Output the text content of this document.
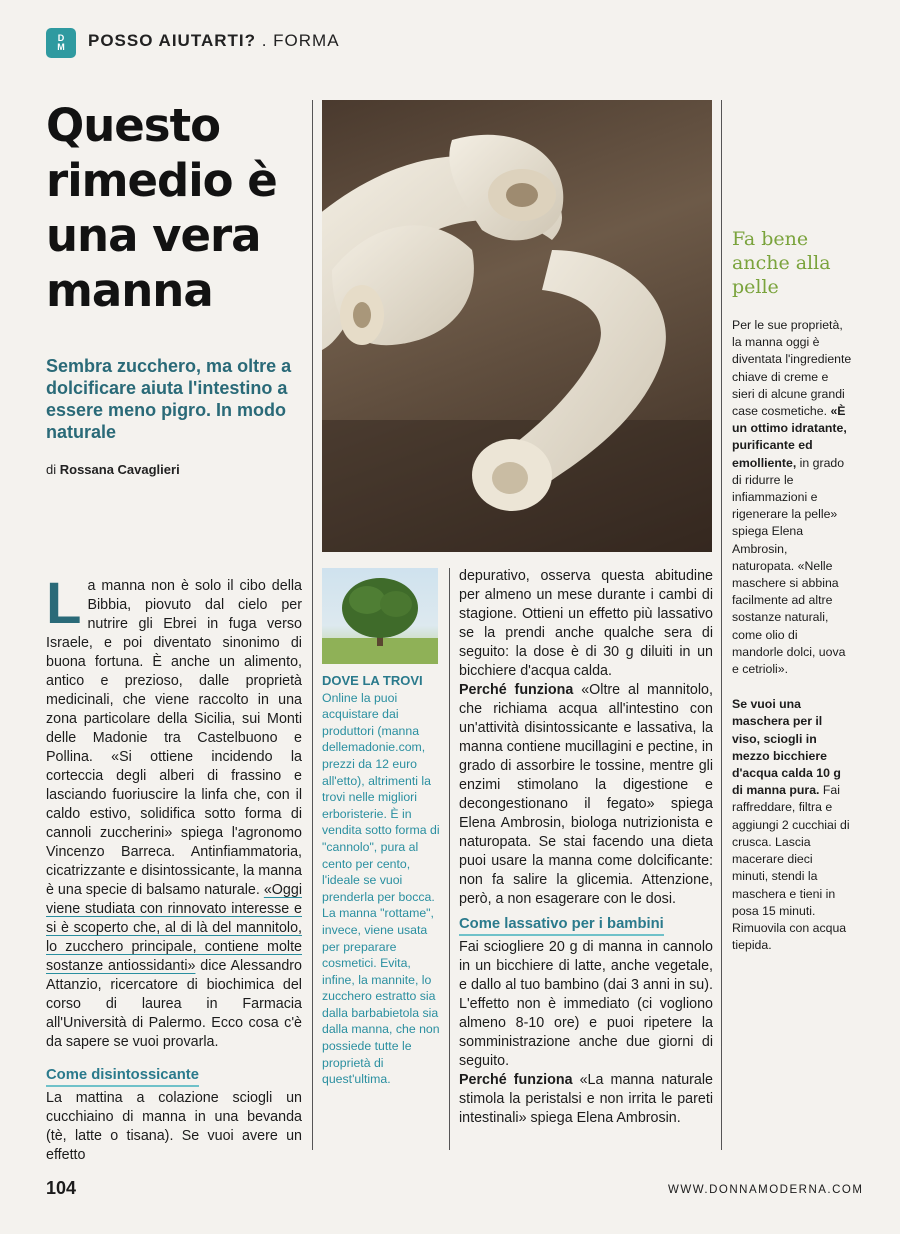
D
M POSSO AIUTARTI? . FORMA
Questo rimedio è una vera manna

Sembra zucchero, ma oltre a dolcificare aiuta l'intestino a essere meno pigro. In modo naturale

di Rossana Cavaglieri

La manna non è solo il cibo della Bibbia, piovuto dal cielo per nutrire gli Ebrei in fuga verso Israele, e poi diventato sinonimo di buona fortuna. È anche un alimento, antico e prezioso, dalle proprietà medicinali, che viene raccolto in una zona particolare della Sicilia, sui Monti delle Madonie tra Castelbuono e Pollina. «Si ottiene incidendo la corteccia degli alberi di frassino e lasciando fuoriuscire la linfa che, con il caldo estivo, solidifica sotto forma di cannoli zuccherini» spiega l'agronomo Vincenzo Barreca. Antinfiammatoria, cicatrizzante e disintossicante, la manna è una specie di balsamo naturale. «Oggi viene studiata con rinnovato interesse e si è scoperto che, al di là del mannitolo, lo zucchero principale, contiene molte sostanze antiossidanti» dice Alessandro Attanzio, ricercatore di biochimica del corso di laurea in Farmacia all'Università di Palermo. Ecco cosa c'è da sapere se vuoi provarla.

Come disintossicante

La mattina a colazione sciogli un cucchiaino di manna in una bevanda (tè, latte o tisana). Se vuoi avere un effetto

DOVE LA TROVI
Online la puoi acquistare dai produttori (manna dellemadonie.com, prezzi da 12 euro all'etto), altrimenti la trovi nelle migliori erboristerie. È in vendita sotto forma di "cannolo", pura al cento per cento, l'ideale se vuoi prenderla per bocca. La manna "rottame", invece, viene usata per preparare cosmetici. Evita, infine, la mannite, lo zucchero estratto sia dalla barbabietola sia dalla manna, che non possiede tutte le proprietà di quest'ultima.

depurativo, osserva questa abitudine per almeno un mese durante i cambi di stagione. Ottieni un effetto più lassativo se la prendi anche qualche sera di seguito: la dose è di 30 g diluiti in un bicchiere d'acqua calda.

Perché funziona «Oltre al mannitolo, che richiama acqua all'intestino con un'attività disintossicante e lassativa, la manna contiene mucillagini e pectine, in grado di assorbire le tossine, mentre gli enzimi stimolano la digestione e decongestionano il fegato» spiega Elena Ambrosin, biologa nutrizionista e naturopata. Se stai facendo una dieta puoi usare la manna come dolcificante: non fa salire la glicemia. Attenzione, però, a non esagerare con le dosi.

Come lassativo per i bambini

Fai sciogliere 20 g di manna in cannolo in un bicchiere di latte, anche vegetale, e dallo al tuo bambino (dai 3 anni in su). L'effetto non è immediato (ci vogliono almeno 8-10 ore) e puoi ripetere la somministrazione anche due giorni di seguito.

Perché funziona «La manna naturale stimola la peristalsi e non irrita le pareti intestinali» spiega Elena Ambrosin.

Fa bene anche alla pelle
Per le sue proprietà, la manna oggi è diventata l'ingrediente chiave di creme e sieri di alcune grandi case cosmetiche. «È un ottimo idratante, purificante ed emolliente, in grado di ridurre le infiammazioni e rigenerare la pelle» spiega Elena Ambrosin, naturopata. «Nelle maschere si abbina facilmente ad altre sostanze naturali, come olio di mandorle dolci, uova e cetrioli».
Se vuoi una maschera per il viso, sciogli in mezzo bicchiere d'acqua calda 10 g di manna pura. Fai raffreddare, filtra e aggiungi 2 cucchiai di crusca. Lascia macerare dieci minuti, stendi la maschera e tieni in posa 15 minuti. Rimuovila con acqua tiepida.
104	WWW.DONNAMODERNA.COM
